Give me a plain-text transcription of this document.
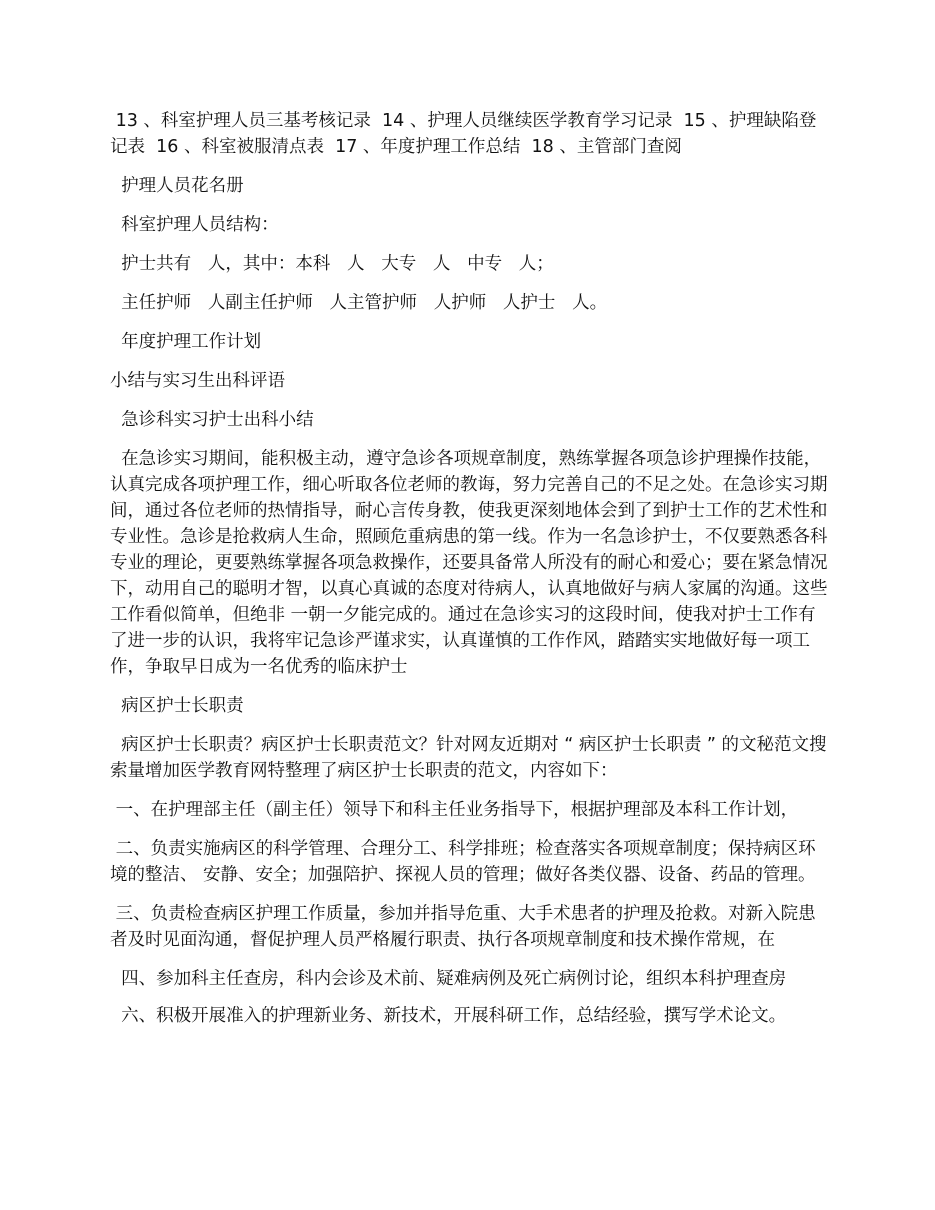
13 、科室护理人员三基考核记录  14 、护理人员继续医学教育学习记录  15 、护理缺陷登记表  16 、科室被服清点表  17 、年度护理工作总结  18 、主管部门查阅

护理人员花名册

科室护理人员结构：

护士共有   人，其中：本科   人   大专   人   中专   人；

主任护师   人副主任护师   人主管护师   人护师   人护士   人。

年度护理工作计划

小结与实习生出科评语

急诊科实习护士出科小结

在急诊实习期间，能积极主动，遵守急诊各项规章制度，熟练掌握各项急诊护理操作技能，认真完成各项护理工作，细心听取各位老师的教诲，努力完善自己的不足之处。在急诊实习期间，通过各位老师的热情指导，耐心言传身教，使我更深刻地体会到了到护士工作的艺术性和专业性。急诊是抢救病人生命，照顾危重病患的第一线。作为一名急诊护士，不仅要熟悉各科专业的理论，更要熟练掌握各项急救操作，还要具备常人所没有的耐心和爱心；要在紧急情况下，动用自己的聪明才智，以真心真诚的态度对待病人，认真地做好与病人家属的沟通。这些工作看似简单，但绝非 一朝一夕能完成的。通过在急诊实习的这段时间，使我对护士工作有了进一步的认识，我将牢记急诊严谨求实，认真谨慎的工作作风，踏踏实实地做好每一项工作，争取早日成为一名优秀的临床护士

病区护士长职责

病区护士长职责？病区护士长职责范文？针对网友近期对 “ 病区护士长职责 ” 的文秘范文搜索量增加医学教育网特整理了病区护士长职责的范文，内容如下：

一、在护理部主任（副主任）领导下和科主任业务指导下，根据护理部及本科工作计划，

二、负责实施病区的科学管理、合理分工、科学排班；检查落实各项规章制度；保持病区环境的整洁、 安静、安全；加强陪护、探视人员的管理；做好各类仪器、设备、药品的管理。

三、负责检查病区护理工作质量，参加并指导危重、大手术患者的护理及抢救。对新入院患者及时见面沟通，督促护理人员严格履行职责、执行各项规章制度和技术操作常规，在

四、参加科主任查房，科内会诊及术前、疑难病例及死亡病例讨论，组织本科护理查房

六、积极开展准入的护理新业务、新技术，开展科研工作，总结经验，撰写学术论文。
